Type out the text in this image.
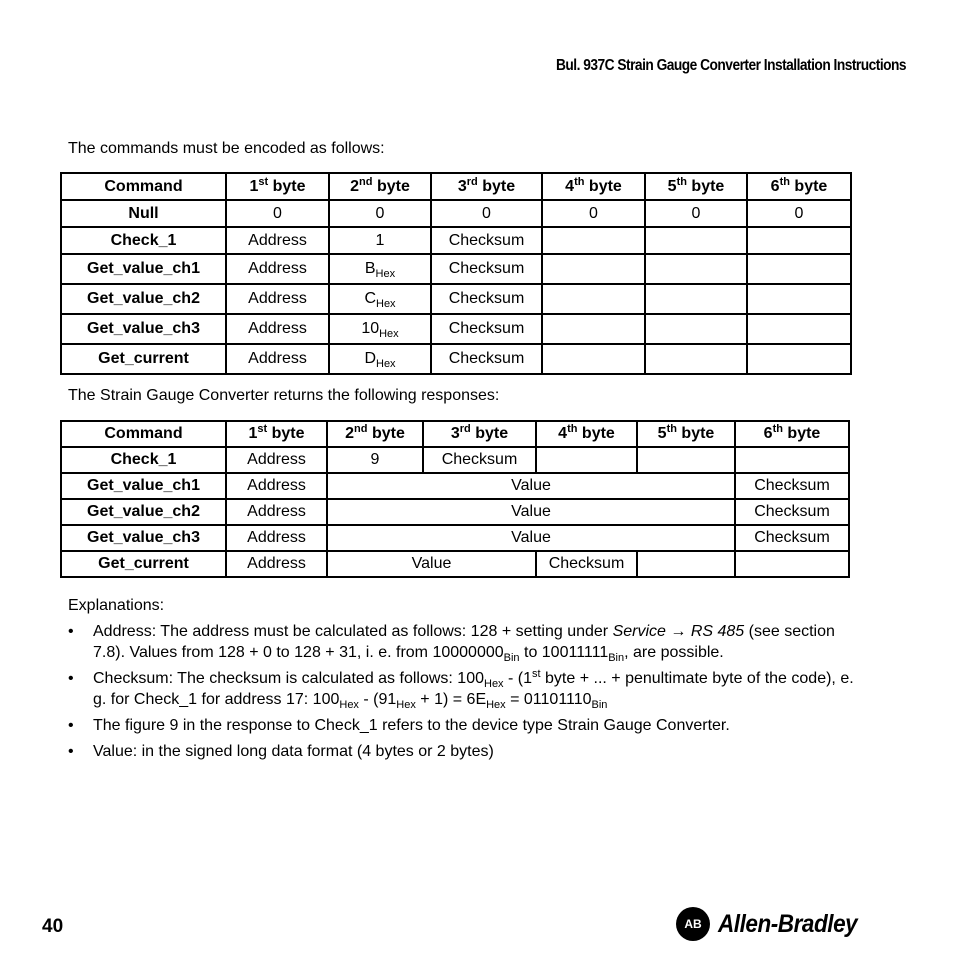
Bul. 937C Strain Gauge Converter Installation Instructions
The commands must be encoded as follows:
Command	1st byte	2nd byte	3rd byte	4th byte	5th byte	6th byte
Null	0	0	0	0	0	0
Check_1	Address	1	Checksum			
Get_value_ch1	Address	$B_{Hex}$	Checksum			
Get_value_ch2	Address	$C_{Hex}$	Checksum			
Get_value_ch3	Address	$10_{Hex}$	Checksum			
Get_current	Address	$D_{Hex}$	Checksum			
The Strain Gauge Converter returns the following responses:
Command	1st byte	2nd byte	3rd byte	4th byte	5th byte	6th byte
Check_1	Address	9	Checksum			
Get_value_ch1	Address	Value				Checksum
Get_value_ch2	Address	Value				Checksum
Get_value_ch3	Address	Value				Checksum
Get_current	Address	Value		Checksum		
Explanations:
• Address: The address must be calculated as follows: 128 + setting under Service → RS 485 (see section 7.8). Values from 128 + 0 to 128 + 31, i. e. from $10000000_{Bin}$ to $10011111_{Bin}$, are possible.
• Checksum: The checksum is calculated as follows: $100_{Hex} - (1st$ byte + ... + penultimate byte of the code), e. g. for Check_1 for address 17: $100_{Hex} - (91_{Hex} + 1) = 6E_{Hex} = 01101110_{Bin}$
• The figure 9 in the response to Check_1 refers to the device type Strain Gauge Converter.
• Value: in the signed long data format (4 bytes or 2 bytes)
40	AB Allen-Bradley
